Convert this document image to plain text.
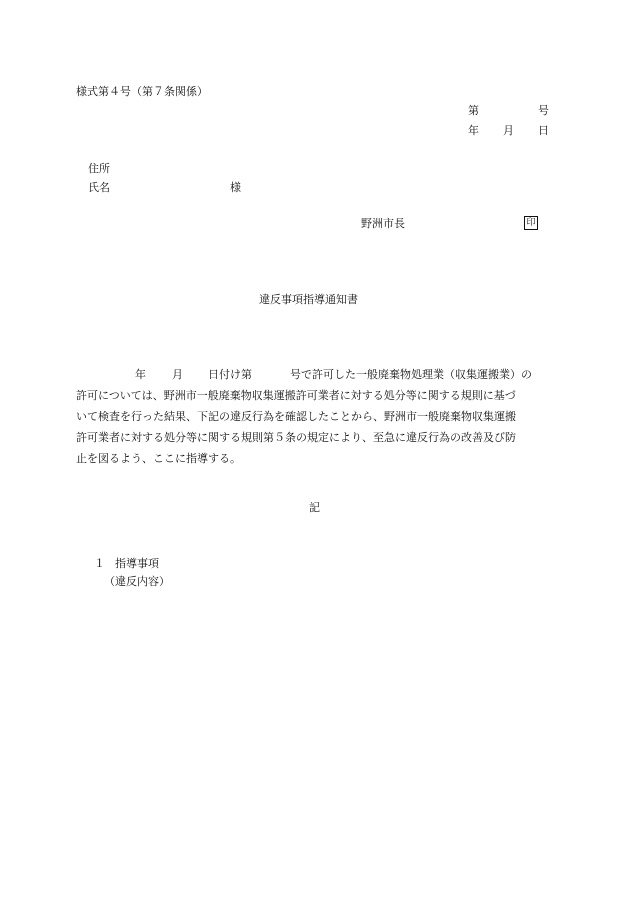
様式第４号（第７条関係）
第	号
年 月 日
住所
氏名	様
野洲市長	印
違反事項指導通知書
年 月 日付け第	号で許可した一般廃棄物処理業（収集運搬業）の
許可については、野洲市一般廃棄物収集運搬許可業者に対する処分等に関する規則に基づ
いて検査を行った結果、下記の違反行為を確認したことから、野洲市一般廃棄物収集運搬
許可業者に対する処分等に関する規則第５条の規定により、至急に違反行為の改善及び防
止を図るよう、ここに指導する。
記
１ 指導事項
（違反内容）
